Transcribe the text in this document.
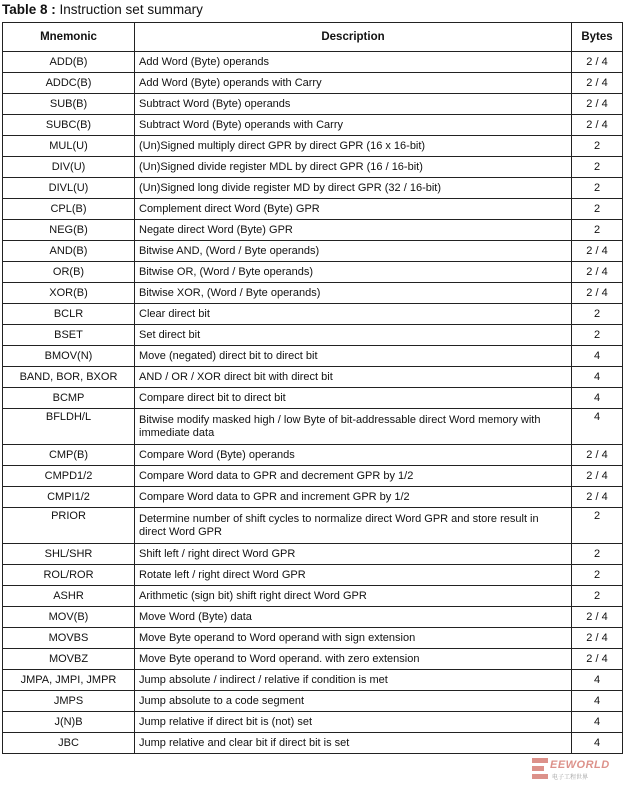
Table 8 : Instruction set summary
Mnemonic	Description	Bytes
ADD(B)	Add Word (Byte) operands	2 / 4
ADDC(B)	Add Word (Byte) operands with Carry	2 / 4
SUB(B)	Subtract Word (Byte) operands	2 / 4
SUBC(B)	Subtract Word (Byte) operands with Carry	2 / 4
MUL(U)	(Un)Signed multiply direct GPR by direct GPR (16 x 16-bit)	2
DIV(U)	(Un)Signed divide register MDL by direct GPR (16 / 16-bit)	2
DIVL(U)	(Un)Signed long divide register MD by direct GPR (32 / 16-bit)	2
CPL(B)	Complement direct Word (Byte) GPR	2
NEG(B)	Negate direct Word (Byte) GPR	2
AND(B)	Bitwise AND, (Word / Byte operands)	2 / 4
OR(B)	Bitwise OR, (Word / Byte operands)	2 / 4
XOR(B)	Bitwise XOR, (Word / Byte operands)	2 / 4
BCLR	Clear direct bit	2
BSET	Set direct bit	2
BMOV(N)	Move (negated) direct bit to direct bit	4
BAND, BOR, BXOR	AND / OR / XOR direct bit with direct bit	4
BCMP	Compare direct bit to direct bit	4
BFLDH/L	Bitwise modify masked high / low Byte of bit-addressable direct Word memory with immediate data	4
CMP(B)	Compare Word (Byte) operands	2 / 4
CMPD1/2	Compare Word data to GPR and decrement GPR by 1/2	2 / 4
CMPI1/2	Compare Word data to GPR and increment GPR by 1/2	2 / 4
PRIOR	Determine number of shift cycles to normalize direct Word GPR and store result in direct Word GPR	2
SHL/SHR	Shift left / right direct Word GPR	2
ROL/ROR	Rotate left / right direct Word GPR	2
ASHR	Arithmetic (sign bit) shift right direct Word GPR	2
MOV(B)	Move Word (Byte) data	2 / 4
MOVBS	Move Byte operand to Word operand with sign extension	2 / 4
MOVBZ	Move Byte operand to Word operand. with zero extension	2 / 4
JMPA, JMPI, JMPR	Jump absolute / indirect / relative if condition is met	4
JMPS	Jump absolute to a code segment	4
J(N)B	Jump relative if direct bit is (not) set	4
JBC	Jump relative and clear bit if direct bit is set	4
EEWORLD
电子工程世界
